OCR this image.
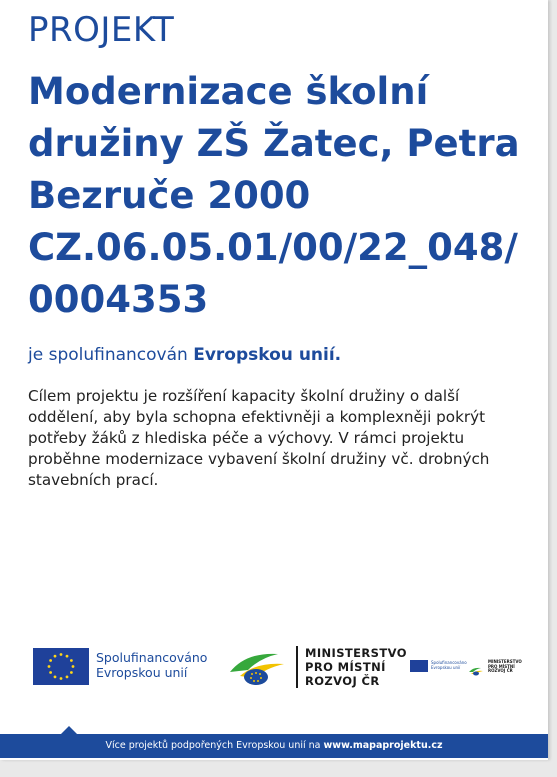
PROJEKT
Modernizace školní družiny ZŠ Žatec, Petra Bezruče 2000 CZ.06.05.01/00/22_048/0004353
je spolufinancován Evropskou unií.

Cílem projektu je rozšíření kapacity školní družiny o další oddělení, aby byla schopna efektivněji a komplexněji pokrýt potřeby žáků z hlediska péče a výchovy. V rámci projektu proběhne modernizace vybavení školní družiny vč. drobných stavebních prací.

Spolufinancováno
Evropskou unií
MINISTERSTVO
PRO MÍSTNÍ
ROZVOJ ČR
Spolufinancováno
Evropskou unií
MINISTERSTVO
PRO MÍSTNÍ
ROZVOJ ČR
Více projektů podpořených Evropskou unií na www.mapaprojektu.cz
